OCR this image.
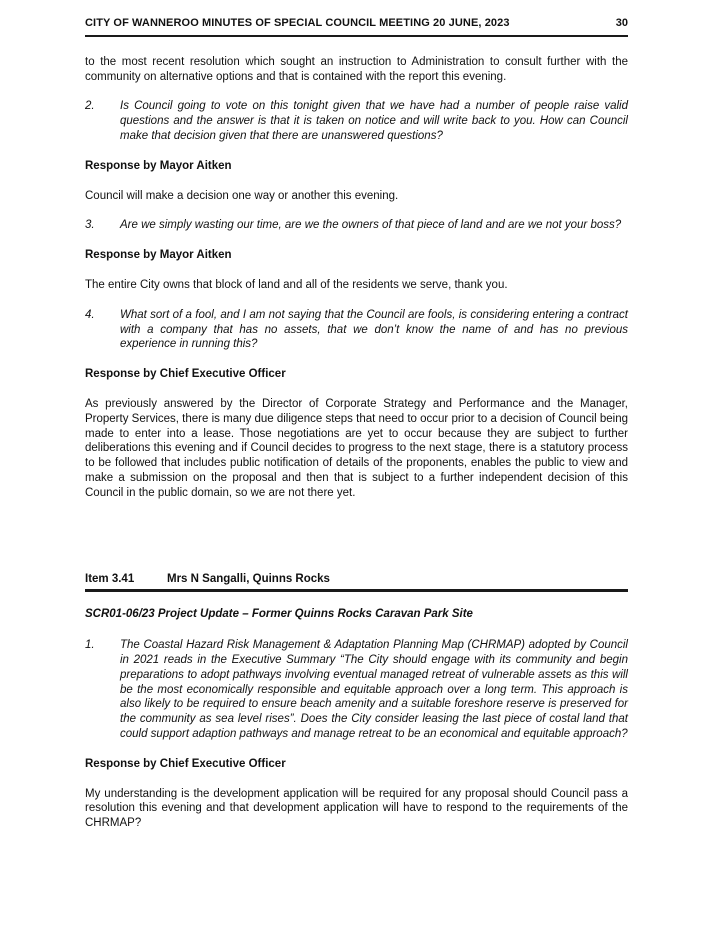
CITY OF WANNEROO MINUTES OF SPECIAL COUNCIL MEETING 20 JUNE, 2023	30

to the most recent resolution which sought an instruction to Administration to consult further with the community on alternative options and that is contained with the report this evening.

2.	Is Council going to vote on this tonight given that we have had a number of people raise valid questions and the answer is that it is taken on notice and will write back to you. How can Council make that decision given that there are unanswered questions?

Response by Mayor Aitken

Council will make a decision one way or another this evening.

3.	Are we simply wasting our time, are we the owners of that piece of land and are we not your boss?

Response by Mayor Aitken

The entire City owns that block of land and all of the residents we serve, thank you.

4.	What sort of a fool, and I am not saying that the Council are fools, is considering entering a contract with a company that has no assets, that we don’t know the name of and has no previous experience in running this?

Response by Chief Executive Officer

As previously answered by the Director of Corporate Strategy and Performance and the Manager, Property Services, there is many due diligence steps that need to occur prior to a decision of Council being made to enter into a lease. Those negotiations are yet to occur because they are subject to further deliberations this evening and if Council decides to progress to the next stage, there is a statutory process to be followed that includes public notification of details of the proponents, enables the public to view and make a submission on the proposal and then that is subject to a further independent decision of this Council in the public domain, so we are not there yet.

Item 3.41	Mrs N Sangalli, Quinns Rocks

SCR01-06/23 Project Update – Former Quinns Rocks Caravan Park Site

1.	The Coastal Hazard Risk Management & Adaptation Planning Map (CHRMAP) adopted by Council in 2021 reads in the Executive Summary “The City should engage with its community and begin preparations to adopt pathways involving eventual managed retreat of vulnerable assets as this will be the most economically responsible and equitable approach over a long term. This approach is also likely to be required to ensure beach amenity and a suitable foreshore reserve is preserved for the community as sea level rises”. Does the City consider leasing the last piece of costal land that could support adaption pathways and manage retreat to be an economical and equitable approach?

Response by Chief Executive Officer

My understanding is the development application will be required for any proposal should Council pass a resolution this evening and that development application will have to respond to the requirements of the CHRMAP?
